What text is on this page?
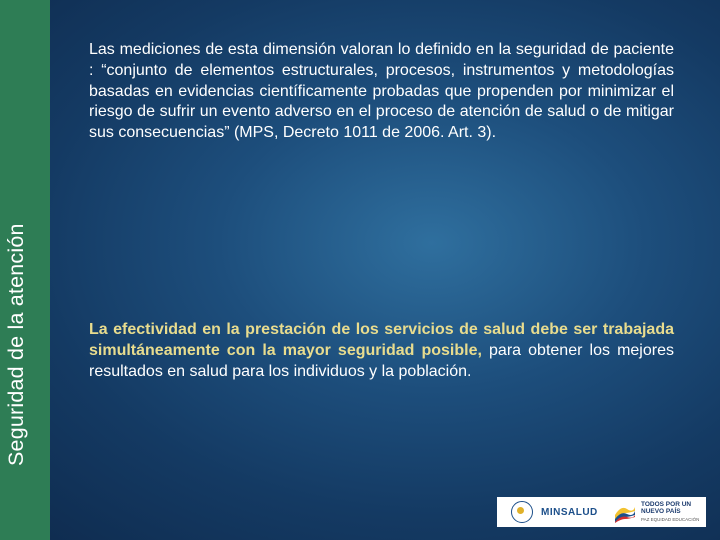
Seguridad de la atención
Las mediciones de esta dimensión valoran lo definido en la seguridad de paciente : “conjunto de elementos estructurales, procesos, instrumentos y metodologías basadas en evidencias científicamente probadas que propenden por minimizar el riesgo de sufrir un evento adverso en el proceso de atención de salud o de mitigar sus consecuencias” (MPS, Decreto 1011 de 2006. Art. 3).
La efectividad en la prestación de los servicios de salud debe ser trabajada simultáneamente con la mayor seguridad posible, para obtener los mejores resultados en salud para los individuos y la población.
MINSALUD
TODOS POR UN
NUEVO PAÍS
PAZ EQUIDAD EDUCACIÓN
